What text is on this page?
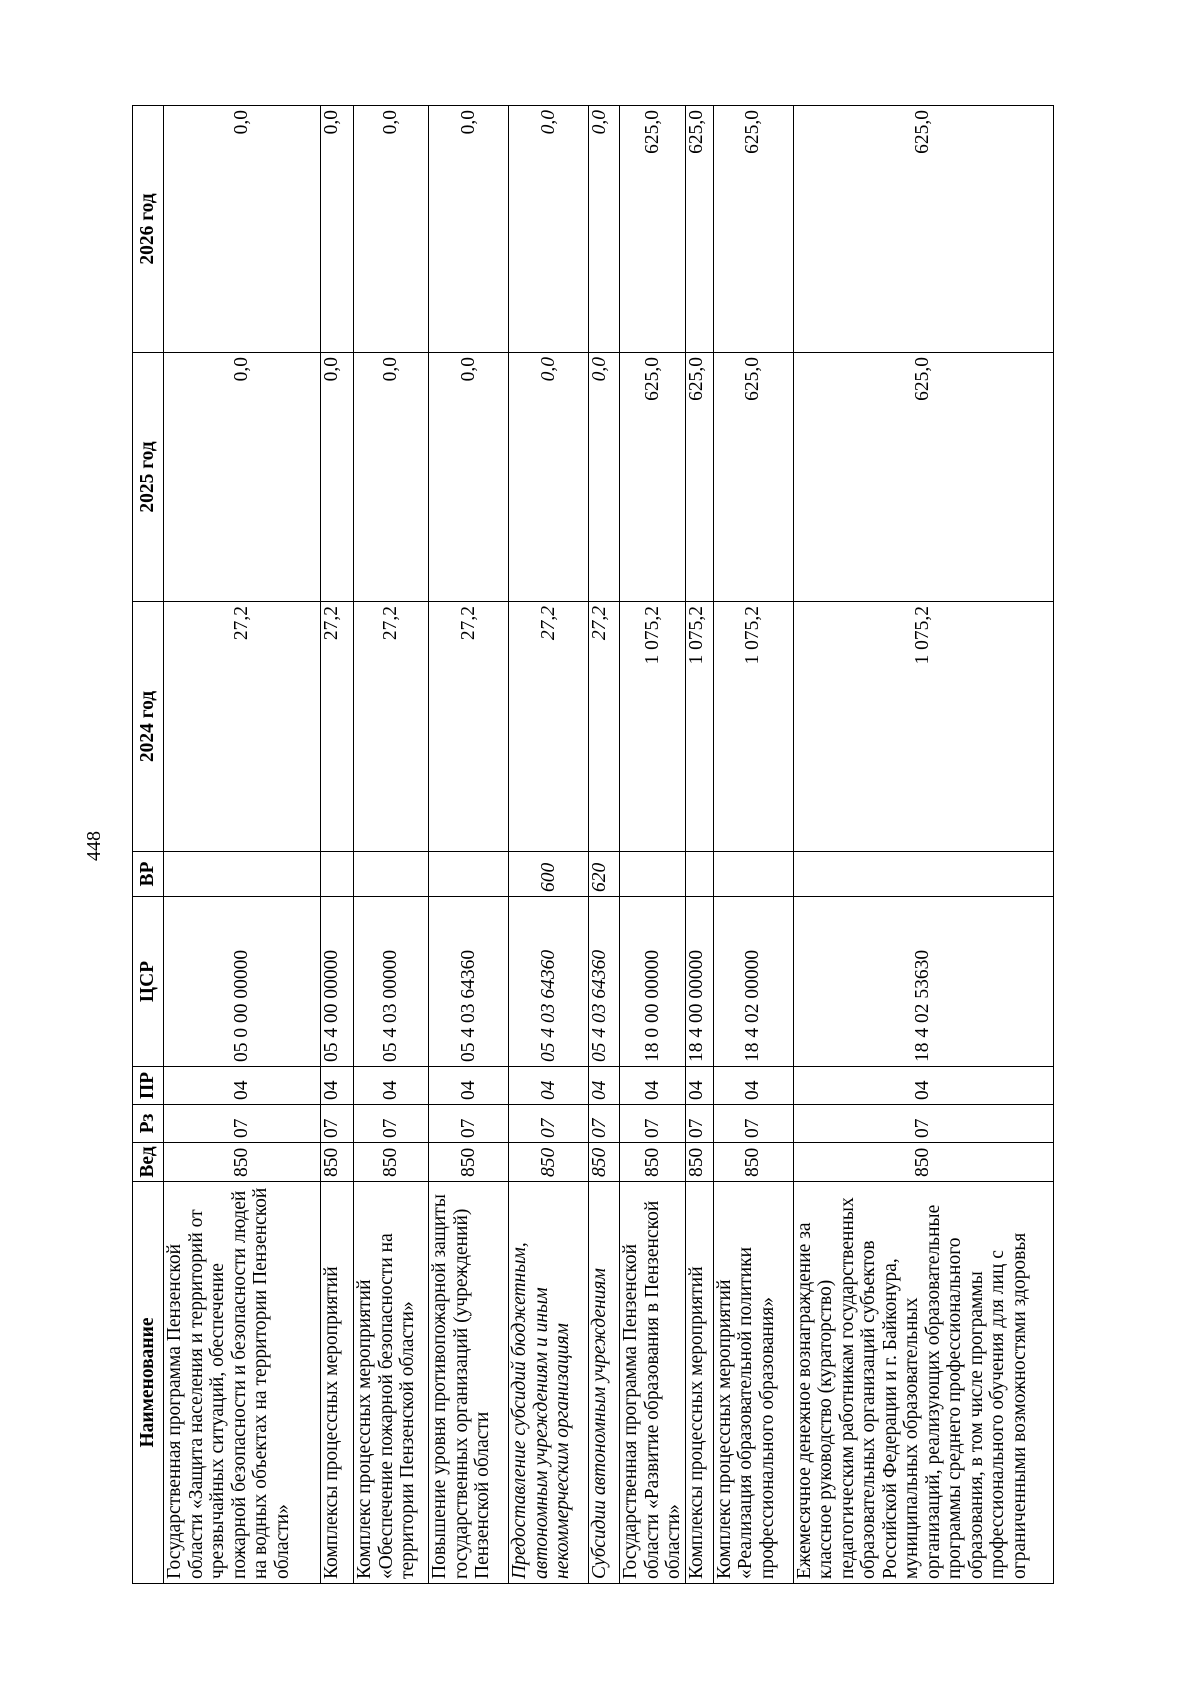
448
Наименование	Вед	Рз	ПР	ЦСР	ВР	2024 год	2025 год	2026 год
Государственная программа Пензенской области «Защита населения и территорий от чрезвычайных ситуаций, обеспечение пожарной безопасности и безопасности людей на водных объектах на территории Пензенской области»	850	07	04	05 0 00 00000		27,2	0,0	0,0
Комплексы процессных мероприятий	850	07	04	05 4 00 00000		27,2	0,0	0,0
Комплекс процессных мероприятий «Обеспечение пожарной безопасности на территории Пензенской области»	850	07	04	05 4 03 00000		27,2	0,0	0,0
Повышение уровня противопожарной защиты государственных организаций (учреждений) Пензенской области	850	07	04	05 4 03 64360		27,2	0,0	0,0
Предоставление субсидий бюджетным, автономным учреждениям и иным некоммерческим организациям	850	07	04	05 4 03 64360	600	27,2	0,0	0,0
Субсидии автономным учреждениям	850	07	04	05 4 03 64360	620	27,2	0,0	0,0
Государственная программа Пензенской области «Развитие образования в Пензенской области»	850	07	04	18 0 00 00000		1 075,2	625,0	625,0
Комплексы процессных мероприятий	850	07	04	18 4 00 00000		1 075,2	625,0	625,0
Комплекс процессных мероприятий «Реализация образовательной политики профессионального образования»	850	07	04	18 4 02 00000		1 075,2	625,0	625,0
Ежемесячное денежное вознаграждение за классное руководство (кураторство) педагогическим работникам государственных образовательных организаций субъектов Российской Федерации и г. Байконура, муниципальных образовательных организаций, реализующих образовательные программы среднего профессионального образования, в том числе программы профессионального обучения для лиц с ограниченными возможностями здоровья	850	07	04	18 4 02 53630		1 075,2	625,0	625,0
